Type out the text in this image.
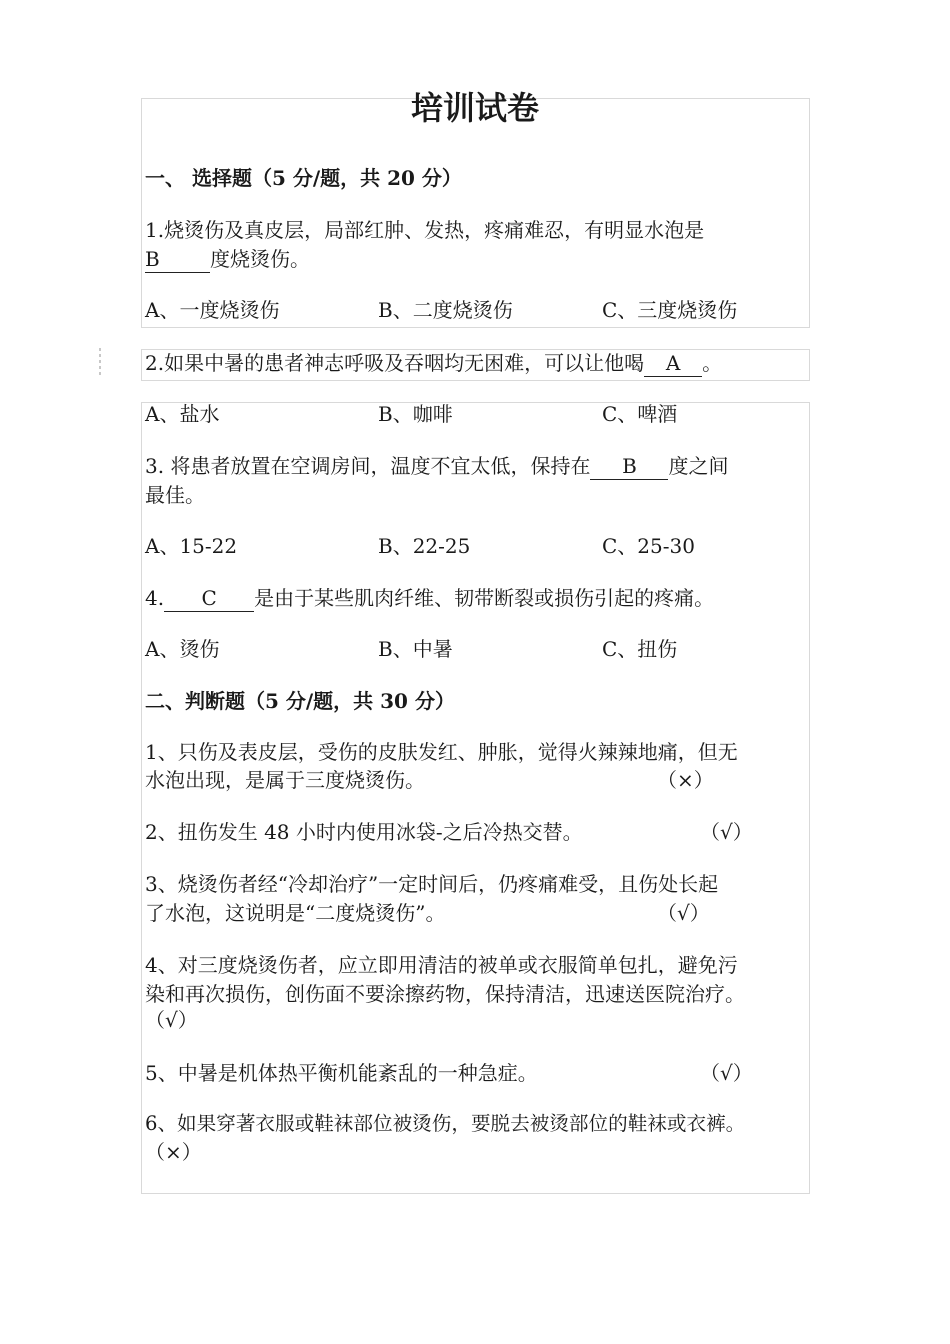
培训试卷
一、 选择题（5 分/题，共 20 分）
1.烧烫伤及真皮层，局部红肿、发热，疼痛难忍，有明显水泡是
B	度烧烫伤。
A、一度烧烫伤	B、二度烧烫伤	C、三度烧烫伤
2.如果中暑的患者神志呼吸及吞咽均无困难，可以让他喝 A 。
A、盐水	B、咖啡	C、啤酒
3. 将患者放置在空调房间，温度不宜太低，保持在 B 度之间
最佳。
A、15-22	B、22-25	C、25-30
4. C 是由于某些肌肉纤维、韧带断裂或损伤引起的疼痛。
A、烫伤	B、中暑	C、扭伤
二、判断题（5 分/题，共 30 分）
1、只伤及表皮层，受伤的皮肤发红、肿胀，觉得火辣辣地痛，但无
水泡出现，是属于三度烧烫伤。	（×）
2、扭伤发生 48 小时内使用冰袋-之后冷热交替。	（√）
3、烧烫伤者经“冷却治疗”一定时间后，仍疼痛难受，且伤处长起
了水泡，这说明是“二度烧烫伤”。	（√）
4、对三度烧烫伤者，应立即用清洁的被单或衣服简单包扎，避免污
染和再次损伤，创伤面不要涂擦药物，保持清洁，迅速送医院治疗。
（√）
5、中暑是机体热平衡机能紊乱的一种急症。	（√）
6、如果穿著衣服或鞋袜部位被烫伤，要脱去被烫部位的鞋袜或衣裤。
（×）
